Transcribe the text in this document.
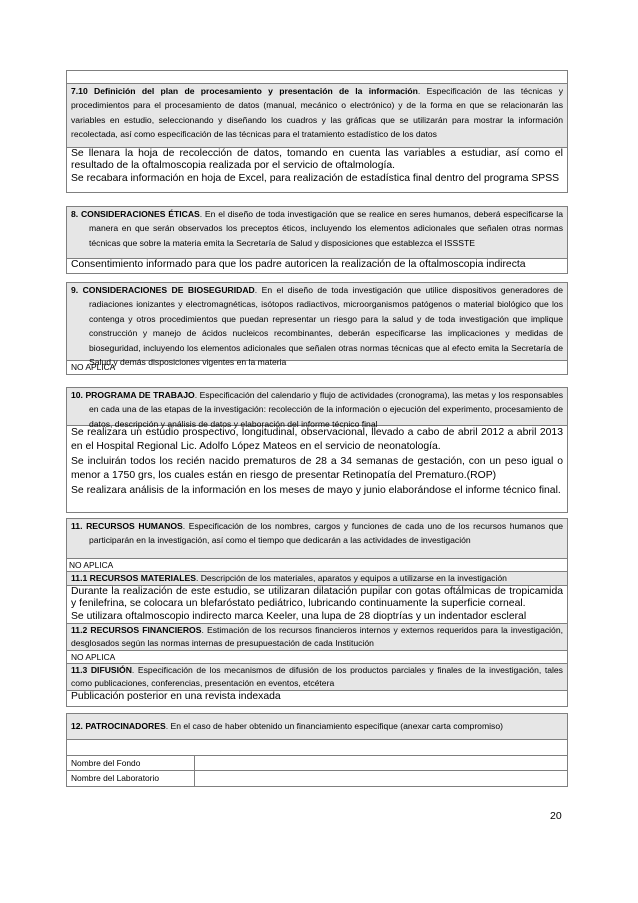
7.10 Definición del plan de procesamiento y presentación de la información. Especificación de las técnicas y procedimientos para el procesamiento de datos (manual, mecánico o electrónico) y de la forma en que se relacionarán las variables en estudio, seleccionando y diseñando los cuadros y las gráficas que se utilizarán para mostrar la información recolectada, así como especificación de las técnicas para el tratamiento estadístico de los datos
Se llenara la hoja de recolección de datos, tomando en cuenta las variables a estudiar, así como el resultado de la oftalmoscopia realizada por el servicio de oftalmología.
Se recabara información en hoja de Excel, para realización de estadística final dentro del programa SPSS
8. CONSIDERACIONES ÉTICAS. En el diseño de toda investigación que se realice en seres humanos, deberá especificarse la manera en que serán observados los preceptos éticos, incluyendo los elementos adicionales que señalen otras normas técnicas que sobre la materia emita la Secretaría de Salud y disposiciones que establezca el ISSSTE
Consentimiento informado para que los padre autoricen la realización de la oftalmoscopia indirecta
9. CONSIDERACIONES DE BIOSEGURIDAD. En el diseño de toda investigación que utilice dispositivos generadores de radiaciones ionizantes y electromagnéticas, isótopos radiactivos, microorganismos patógenos o material biológico que los contenga y otros procedimientos que puedan representar un riesgo para la salud y de toda investigación que implique construcción y manejo de ácidos nucleicos recombinantes, deberán especificarse las implicaciones y medidas de bioseguridad, incluyendo los elementos adicionales que señalen otras normas técnicas que al efecto emita la Secretaría de Salud y demás disposiciones vigentes en la materia
NO APLICA
10. PROGRAMA DE TRABAJO. Especificación del calendario y flujo de actividades (cronograma), las metas y los responsables en cada una de las etapas de la investigación: recolección de la información o ejecución del experimento, procesamiento de datos, descripción y análisis de datos y elaboración del informe técnico final
Se realizara un estudio prospectivo, longitudinal, observacional, llevado a cabo de abril 2012 a abril 2013 en el Hospital Regional Lic. Adolfo López Mateos en el servicio de neonatología.
Se incluirán todos los recién nacido prematuros de 28 a 34 semanas de gestación, con un peso igual o menor a 1750 grs, los cuales están en riesgo de presentar Retinopatía del Prematuro.(ROP)
Se realizara análisis de la información en los meses de mayo y junio elaborándose el informe técnico final.
11. RECURSOS HUMANOS. Especificación de los nombres, cargos y funciones de cada uno de los recursos humanos que participarán en la investigación, así como el tiempo que dedicarán a las actividades de investigación
NO APLICA
11.1 RECURSOS MATERIALES. Descripción de los materiales, aparatos y equipos a utilizarse en la investigación
Durante la realización de este estudio, se utilizaran dilatación pupilar con gotas oftálmicas de tropicamida y fenilefrina, se colocara un blefaróstato pediátrico, lubricando continuamente la superficie corneal.
Se utilizara oftalmoscopio indirecto marca Keeler, una lupa de 28 dioptrías y un indentador escleral
11.2 RECURSOS FINANCIEROS. Estimación de los recursos financieros internos y externos requeridos para la investigación, desglosados según las normas internas de presupuestación de cada Institución
NO APLICA
11.3 DIFUSIÓN. Especificación de los mecanismos de difusión de los productos parciales y finales de la investigación, tales como publicaciones, conferencias, presentación en eventos, etcétera
Publicación posterior en una revista indexada
12. PATROCINADORES. En el caso de haber obtenido un financiamiento especifique (anexar carta compromiso)
Nombre del Fondo
Nombre del Laboratorio
20
